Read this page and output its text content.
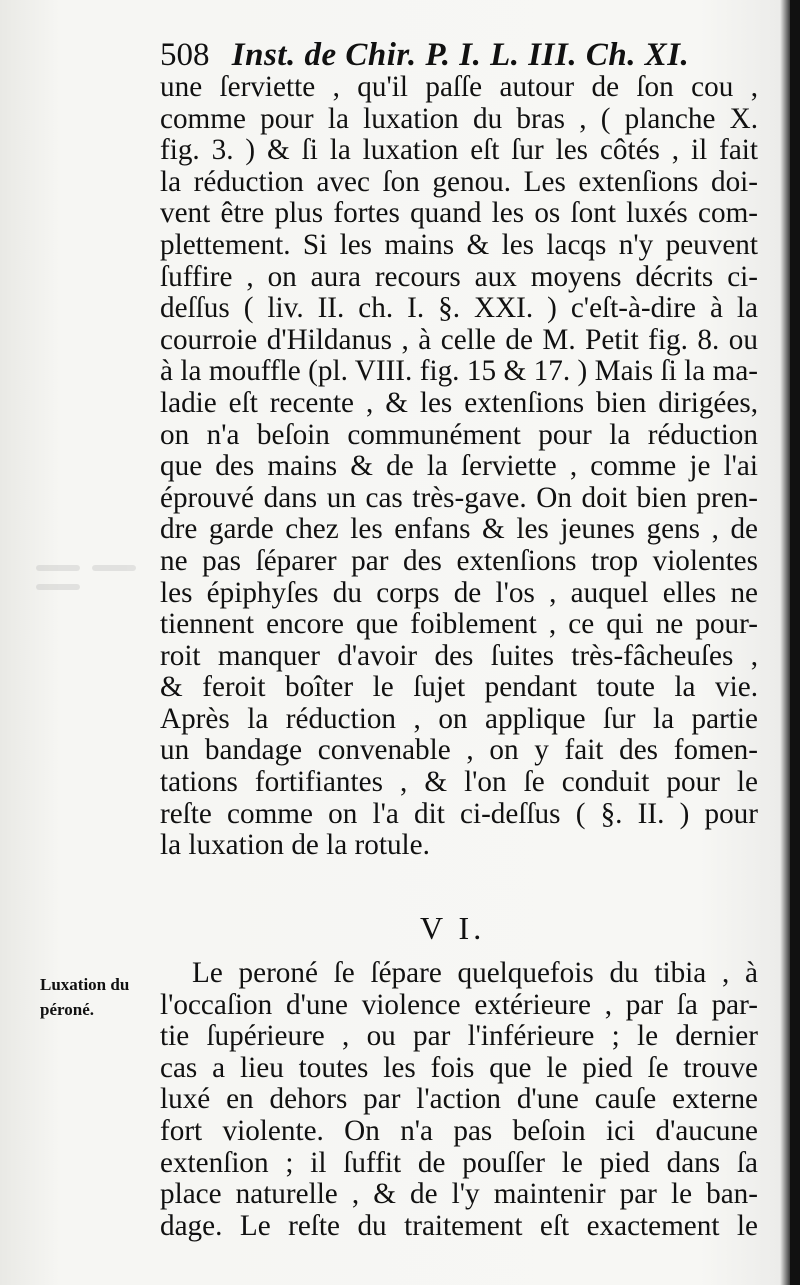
508 Inst. de Chir. P. I. L. III. Ch. XI.
une ſerviette , qu'il paſſe autour de ſon cou ,
comme pour la luxation du bras , ( planche X.
fig. 3. ) & ſi la luxation eſt ſur les côtés , il fait
la réduction avec ſon genou. Les extenſions doi-
vent être plus fortes quand les os ſont luxés com-
plettement. Si les mains & les lacqs n'y peuvent
ſuffire , on aura recours aux moyens décrits ci-
deſſus ( liv. II. ch. I. §. XXI. ) c'eſt-à-dire à la
courroie d'Hildanus , à celle de M. Petit fig. 8. ou
à la mouffle (pl. VIII. fig. 15 & 17. ) Mais ſi la ma-
ladie eſt recente , & les extenſions bien dirigées,
on n'a beſoin communément pour la réduction
que des mains & de la ſerviette , comme je l'ai
éprouvé dans un cas très-gave. On doit bien pren-
dre garde chez les enfans & les jeunes gens , de
ne pas ſéparer par des extenſions trop violentes
les épiphyſes du corps de l'os , auquel elles ne
tiennent encore que foiblement , ce qui ne pour-
roit manquer d'avoir des ſuites très-fâcheuſes ,
& feroit boîter le ſujet pendant toute la vie.
Après la réduction , on applique ſur la partie
un bandage convenable , on y fait des fomen-
tations fortifiantes , & l'on ſe conduit pour le
reſte comme on l'a dit ci-deſſus ( §. II. ) pour
la luxation de la rotule.
V I.
Luxation du
péroné.
Le peroné ſe ſépare quelquefois du tibia , à
l'occaſion d'une violence extérieure , par ſa par-
tie ſupérieure , ou par l'inférieure ; le dernier
cas a lieu toutes les fois que le pied ſe trouve
luxé en dehors par l'action d'une cauſe externe
fort violente. On n'a pas beſoin ici d'aucune
extenſion ; il ſuffit de pouſſer le pied dans ſa
place naturelle , & de l'y maintenir par le ban-
dage. Le reſte du traitement eſt exactement le
